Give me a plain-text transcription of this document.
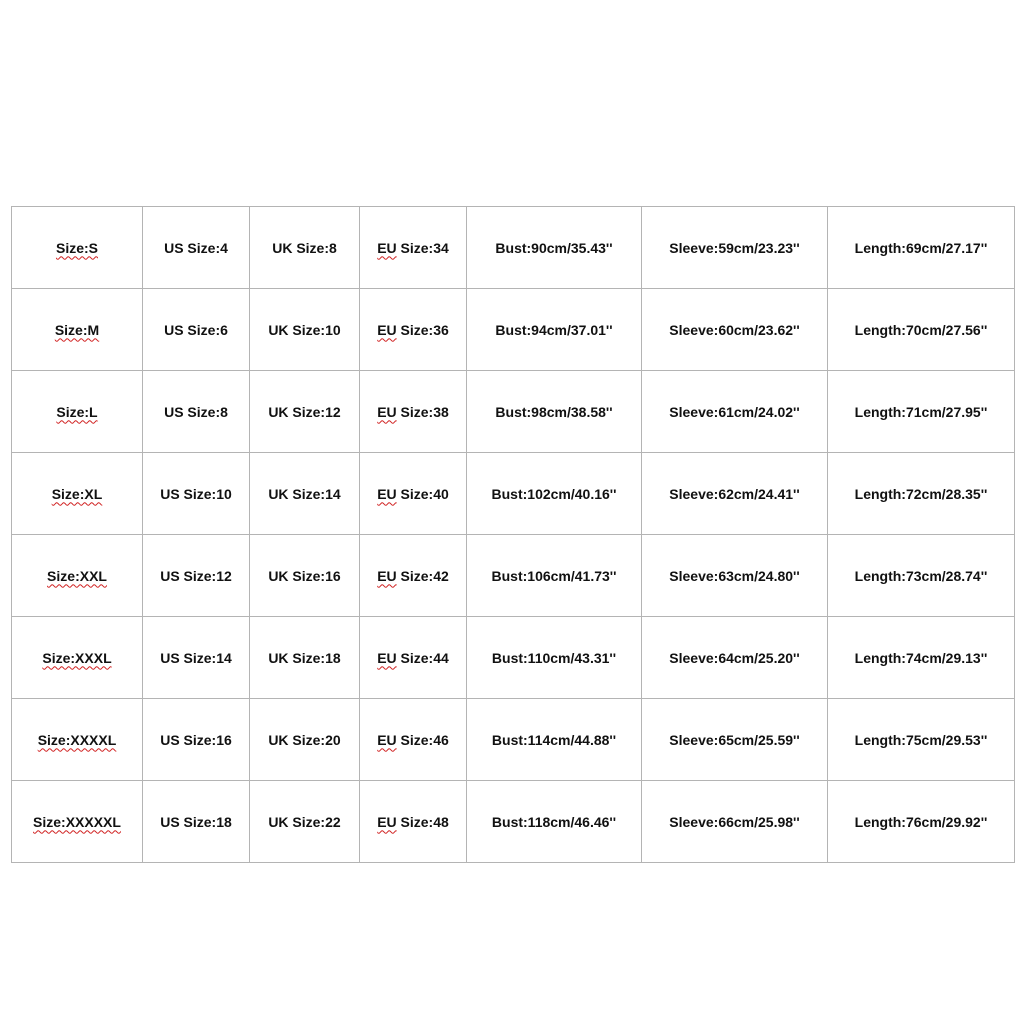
Size:S	US Size:4	UK Size:8	EU Size:34	Bust:90cm/35.43''	Sleeve:59cm/23.23''	Length:69cm/27.17''
Size:M	US Size:6	UK Size:10	EU Size:36	Bust:94cm/37.01''	Sleeve:60cm/23.62''	Length:70cm/27.56''
Size:L	US Size:8	UK Size:12	EU Size:38	Bust:98cm/38.58''	Sleeve:61cm/24.02''	Length:71cm/27.95''
Size:XL	US Size:10	UK Size:14	EU Size:40	Bust:102cm/40.16''	Sleeve:62cm/24.41''	Length:72cm/28.35''
Size:XXL	US Size:12	UK Size:16	EU Size:42	Bust:106cm/41.73''	Sleeve:63cm/24.80''	Length:73cm/28.74''
Size:XXXL	US Size:14	UK Size:18	EU Size:44	Bust:110cm/43.31''	Sleeve:64cm/25.20''	Length:74cm/29.13''
Size:XXXXL	US Size:16	UK Size:20	EU Size:46	Bust:114cm/44.88''	Sleeve:65cm/25.59''	Length:75cm/29.53''
Size:XXXXXL	US Size:18	UK Size:22	EU Size:48	Bust:118cm/46.46''	Sleeve:66cm/25.98''	Length:76cm/29.92''
